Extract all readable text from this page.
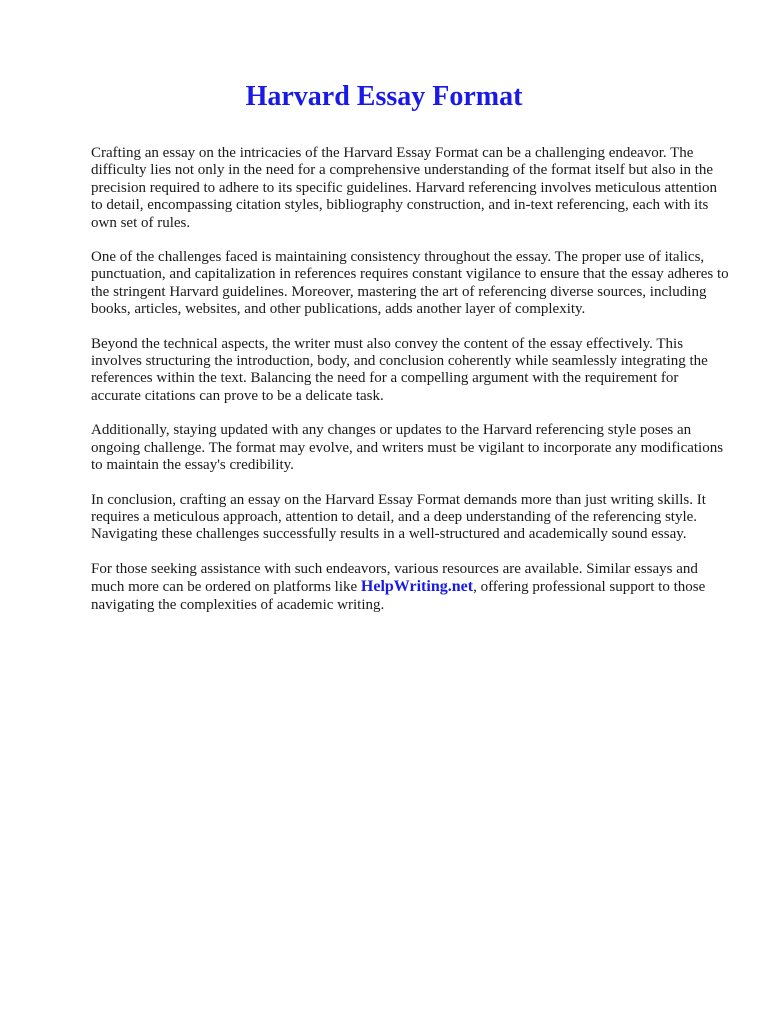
Harvard Essay Format

Crafting an essay on the intricacies of the Harvard Essay Format can be a challenging endeavor. The difficulty lies not only in the need for a comprehensive understanding of the format itself but also in the precision required to adhere to its specific guidelines. Harvard referencing involves meticulous attention to detail, encompassing citation styles, bibliography construction, and in-text referencing, each with its own set of rules.

One of the challenges faced is maintaining consistency throughout the essay. The proper use of italics, punctuation, and capitalization in references requires constant vigilance to ensure that the essay adheres to the stringent Harvard guidelines. Moreover, mastering the art of referencing diverse sources, including books, articles, websites, and other publications, adds another layer of complexity.

Beyond the technical aspects, the writer must also convey the content of the essay effectively. This involves structuring the introduction, body, and conclusion coherently while seamlessly integrating the references within the text. Balancing the need for a compelling argument with the requirement for accurate citations can prove to be a delicate task.

Additionally, staying updated with any changes or updates to the Harvard referencing style poses an ongoing challenge. The format may evolve, and writers must be vigilant to incorporate any modifications to maintain the essay's credibility.

In conclusion, crafting an essay on the Harvard Essay Format demands more than just writing skills. It requires a meticulous approach, attention to detail, and a deep understanding of the referencing style. Navigating these challenges successfully results in a well-structured and academically sound essay.

For those seeking assistance with such endeavors, various resources are available. Similar essays and much more can be ordered on platforms like HelpWriting.net, offering professional support to those navigating the complexities of academic writing.
